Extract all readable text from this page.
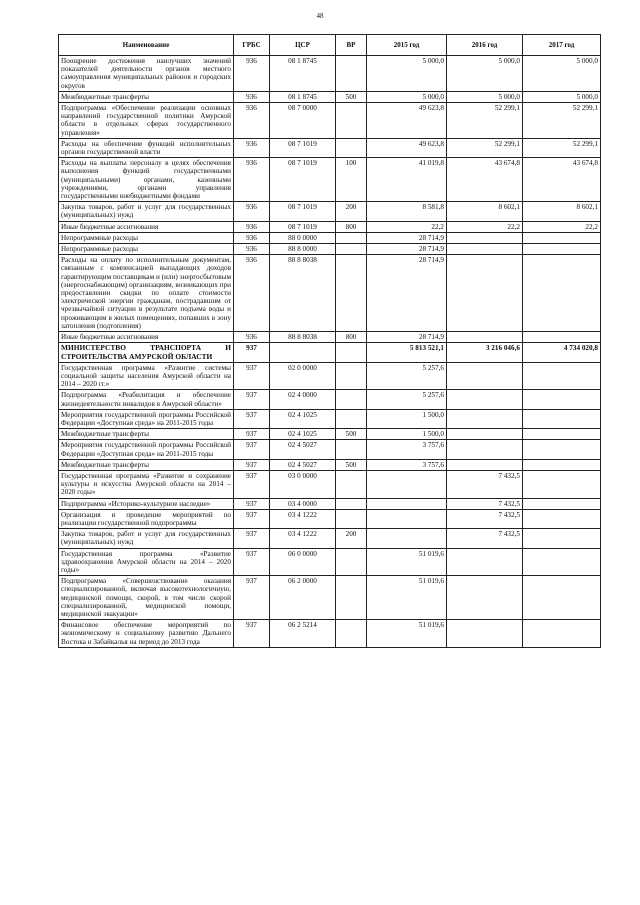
48
Наименование	ГРБС	ЦСР	ВР	2015 год	2016 год	2017 год
Поощрение достижения наилучших значений показателей деятельности органов местного самоуправления муниципальных районов и городских округов	936	08 1 8745		5 000,0	5 000,0	5 000,0
Межбюджетные трансферты	936	08 1 8745	500	5 000,0	5 000,0	5 000,0
Подпрограмма «Обеспечение реализации основных направлений государственной политики Амурской области в отдельных сферах государственного управления»	936	08 7 0000		49 623,8	52 299,1	52 299,1
Расходы на обеспечение функций исполнительных органов государственной власти	936	08 7 1019		49 623,8	52 299,1	52 299,1
Расходы на выплаты персоналу в целях обеспечения выполнения функций государственными (муниципальными) органами, казенными учреждениями, органами управления государственными внебюджетными фондами	936	08 7 1019	100	41 019,8	43 674,8	43 674,8
Закупка товаров, работ и услуг для государственных (муниципальных) нужд	936	08 7 1019	200	8 581,8	8 602,1	8 602,1
Иные бюджетные ассигнования	936	08 7 1019	800	22,2	22,2	22,2
Непрограммные расходы	936	88 0 0000		28 714,9		
Непрограммные расходы	936	88 8 0000		28 714,9		
Расходы на оплату по исполнительным документам, связанным с компенсацией выпадающих доходов гарантирующим поставщикам и (или) энергосбытовым (энергоснабжающим) организациям, возникающих при предоставлении скидки по оплате стоимости электрической энергии гражданам, пострадавшим от чрезвычайной ситуации в результате подъема воды и проживающим в жилых помещениях, попавших в зону затопления (подтопления)	936	88 8 8038		28 714,9		
Иные бюджетные ассигнования	936	88 8 8038	800	28 714,9		
МИНИСТЕРСТВО ТРАНСПОРТА И СТРОИТЕЛЬСТВА АМУРСКОЙ ОБЛАСТИ	937			5 813 521,1	3 216 046,6	4 734 020,8
Государственная программа «Развитие системы социальной защиты населения Амурской области на 2014 – 2020 гг.»	937	02 0 0000		5 257,6		
Подпрограмма «Реабилитация и обеспечение жизнедеятельности инвалидов в Амурской области»	937	02 4 0000		5 257,6		
Мероприятия государственной программы Российской Федерации «Доступная среда» на 2011-2015 годы	937	02 4 1025		1 500,0		
Межбюджетные трансферты	937	02 4 1025	500	1 500,0		
Мероприятия государственной программы Российской Федерации «Доступная среда» на 2011-2015 годы	937	02 4 5027		3 757,6		
Межбюджетные трансферты	937	02 4 5027	500	3 757,6		
Государственная программа «Развитие и сохранение культуры и искусства Амурской области на 2014 – 2020 годы»	937	03 0 0000			7 432,5	
Подпрограмма «Историко-культурное наследие»	937	03 4 0000			7 432,5	
Организация и проведение мероприятий по реализации государственной подпрограммы	937	03 4 1222			7 432,5	
Закупка товаров, работ и услуг для государственных (муниципальных) нужд	937	03 4 1222	200		7 432,5	
Государственная программа «Развитие здравоохранения Амурской области на 2014 – 2020 годы»	937	06 0 0000		51 019,6		
Подпрограмма «Совершенствование оказания специализированной, включая высокотехнологичную, медицинской помощи, скорой, в том числе скорой специализированной, медицинской помощи, медицинской эвакуации»	937	06 2 0000		51 019,6		
Финансовое обеспечение мероприятий по экономическому и социальному развитию Дальнего Востока и Забайкалья на период до 2013 года	937	06 2 5214		51 019,6		
